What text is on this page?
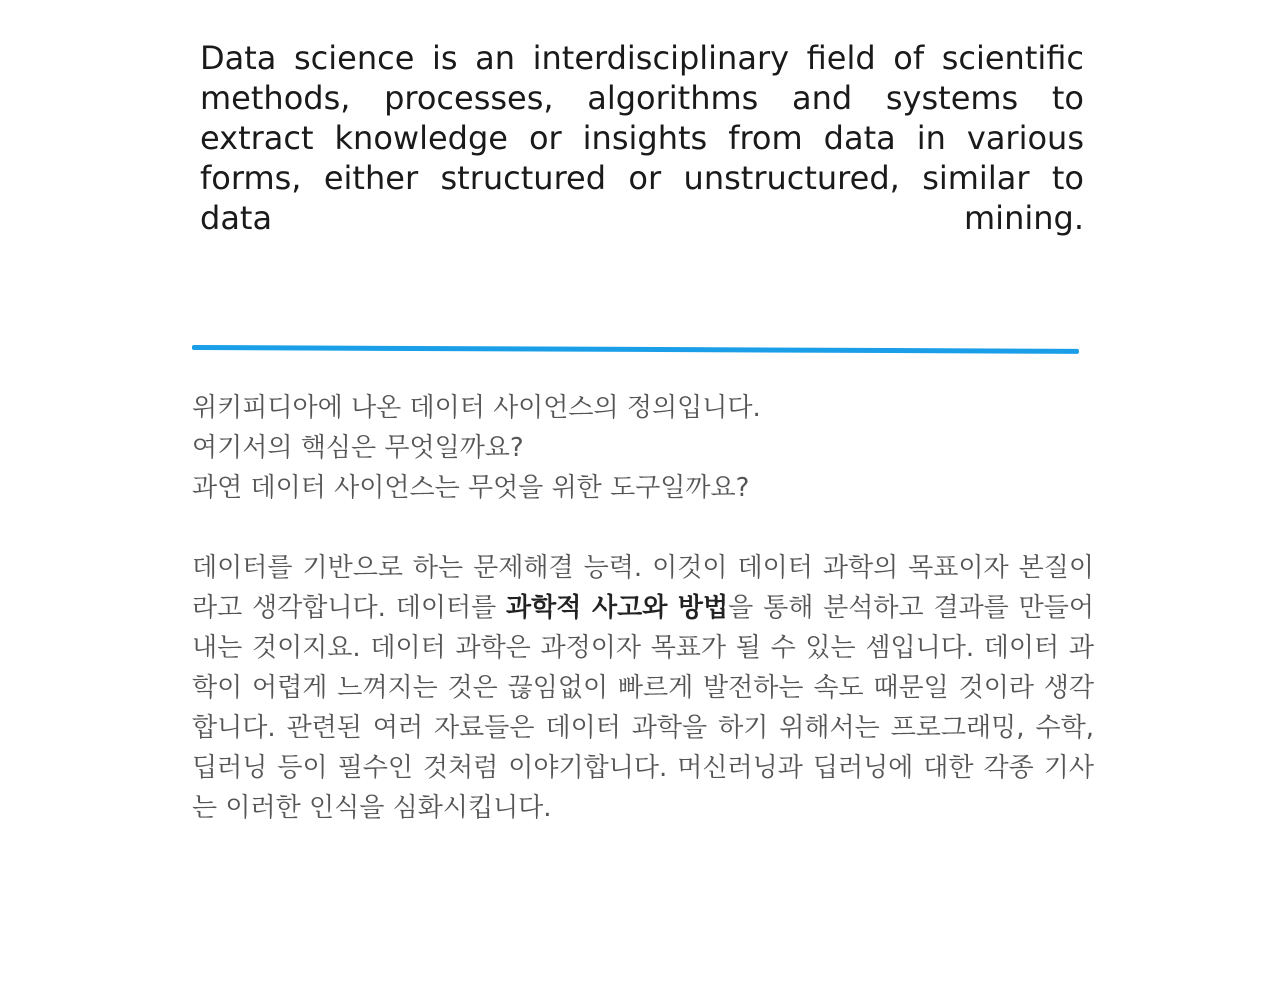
Data science is an interdisciplinary field of scientific methods, processes, algorithms and systems to extract knowledge or insights from data in various forms, either structured or unstructured, similar to data mining.

위키피디아에 나온 데이터 사이언스의 정의입니다.
여기서의 핵심은 무엇일까요?
과연 데이터 사이언스는 무엇을 위한 도구일까요?

데이터를 기반으로 하는 문제해결 능력. 이것이 데이터 과학의 목표이자 본질이라고 생각합니다. 데이터를 과학적 사고와 방법을 통해 분석하고 결과를 만들어내는 것이지요. 데이터 과학은 과정이자 목표가 될 수 있는 셈입니다. 데이터 과학이 어렵게 느껴지는 것은 끊임없이 빠르게 발전하는 속도 때문일 것이라 생각합니다. 관련된 여러 자료들은 데이터 과학을 하기 위해서는 프로그래밍, 수학, 딥러닝 등이 필수인 것처럼 이야기합니다. 머신러닝과 딥러닝에 대한 각종 기사는 이러한 인식을 심화시킵니다.
